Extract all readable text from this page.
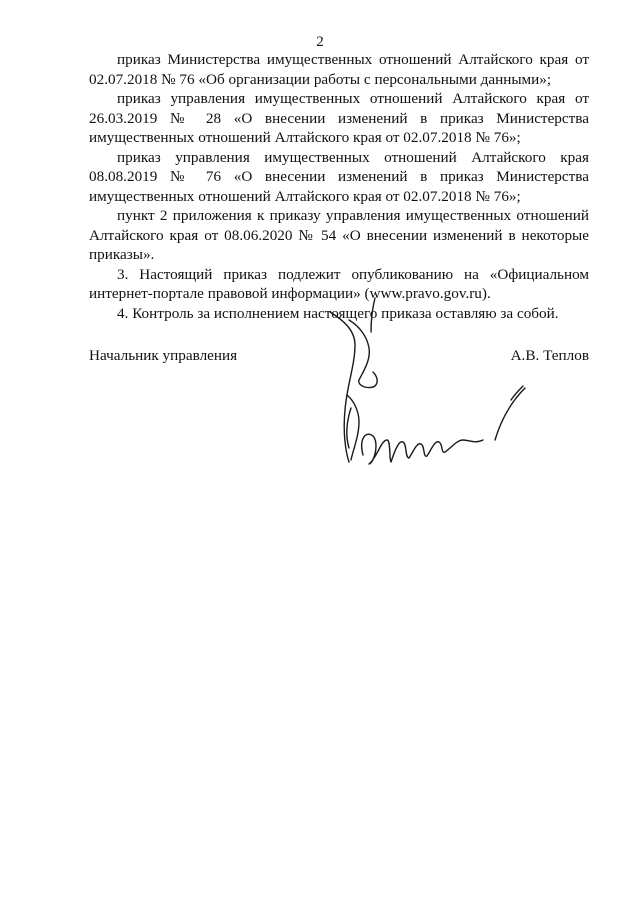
2

приказ Министерства имущественных отношений Алтайского края от 02.07.2018 № 76 «Об организации работы с персональными данными»;

приказ управления имущественных отношений Алтайского края от 26.03.2019 № 28 «О внесении изменений в приказ Министерства имущественных отношений Алтайского края от 02.07.2018 № 76»;

приказ управления имущественных отношений Алтайского края 08.08.2019 № 76 «О внесении изменений в приказ Министерства имущественных отношений Алтайского края от 02.07.2018 № 76»;

пункт 2 приложения к приказу управления имущественных отношений Алтайского края от 08.06.2020 № 54 «О внесении изменений в некоторые приказы».

3. Настоящий приказ подлежит опубликованию на «Официальном интернет-портале правовой информации» (www.pravo.gov.ru).

4. Контроль за исполнением настоящего приказа оставляю за собой.

Начальник управления	А.В. Теплов
